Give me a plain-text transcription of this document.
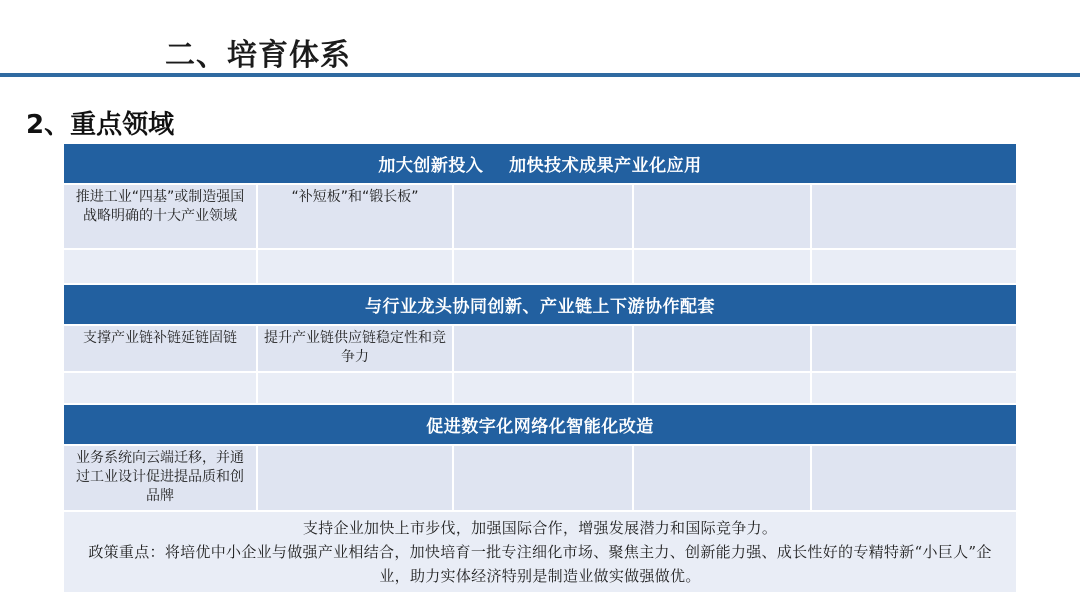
二、培育体系
2、重点领域
加大创新投入    加快技术成果产业化应用				

推进工业“四基”或制造强国战略明确的十大产业领域	“补短板”和“锻长板”			

与行业龙头协同创新、产业链上下游协作配套				

支撑产业链补链延链固链	提升产业链供应链稳定性和竞争力			

促进数字化网络化智能化改造				

业务系统向云端迁移，并通过工业设计促进提品质和创品牌				

支持企业加快上市步伐，加强国际合作，增强发展潜力和国际竞争力。
政策重点：将培优中小企业与做强产业相结合，加快培育一批专注细化市场、聚焦主力、创新能力强、成长性好的专精特新“小巨人”企业，助力实体经济特别是制造业做实做强做优。				
